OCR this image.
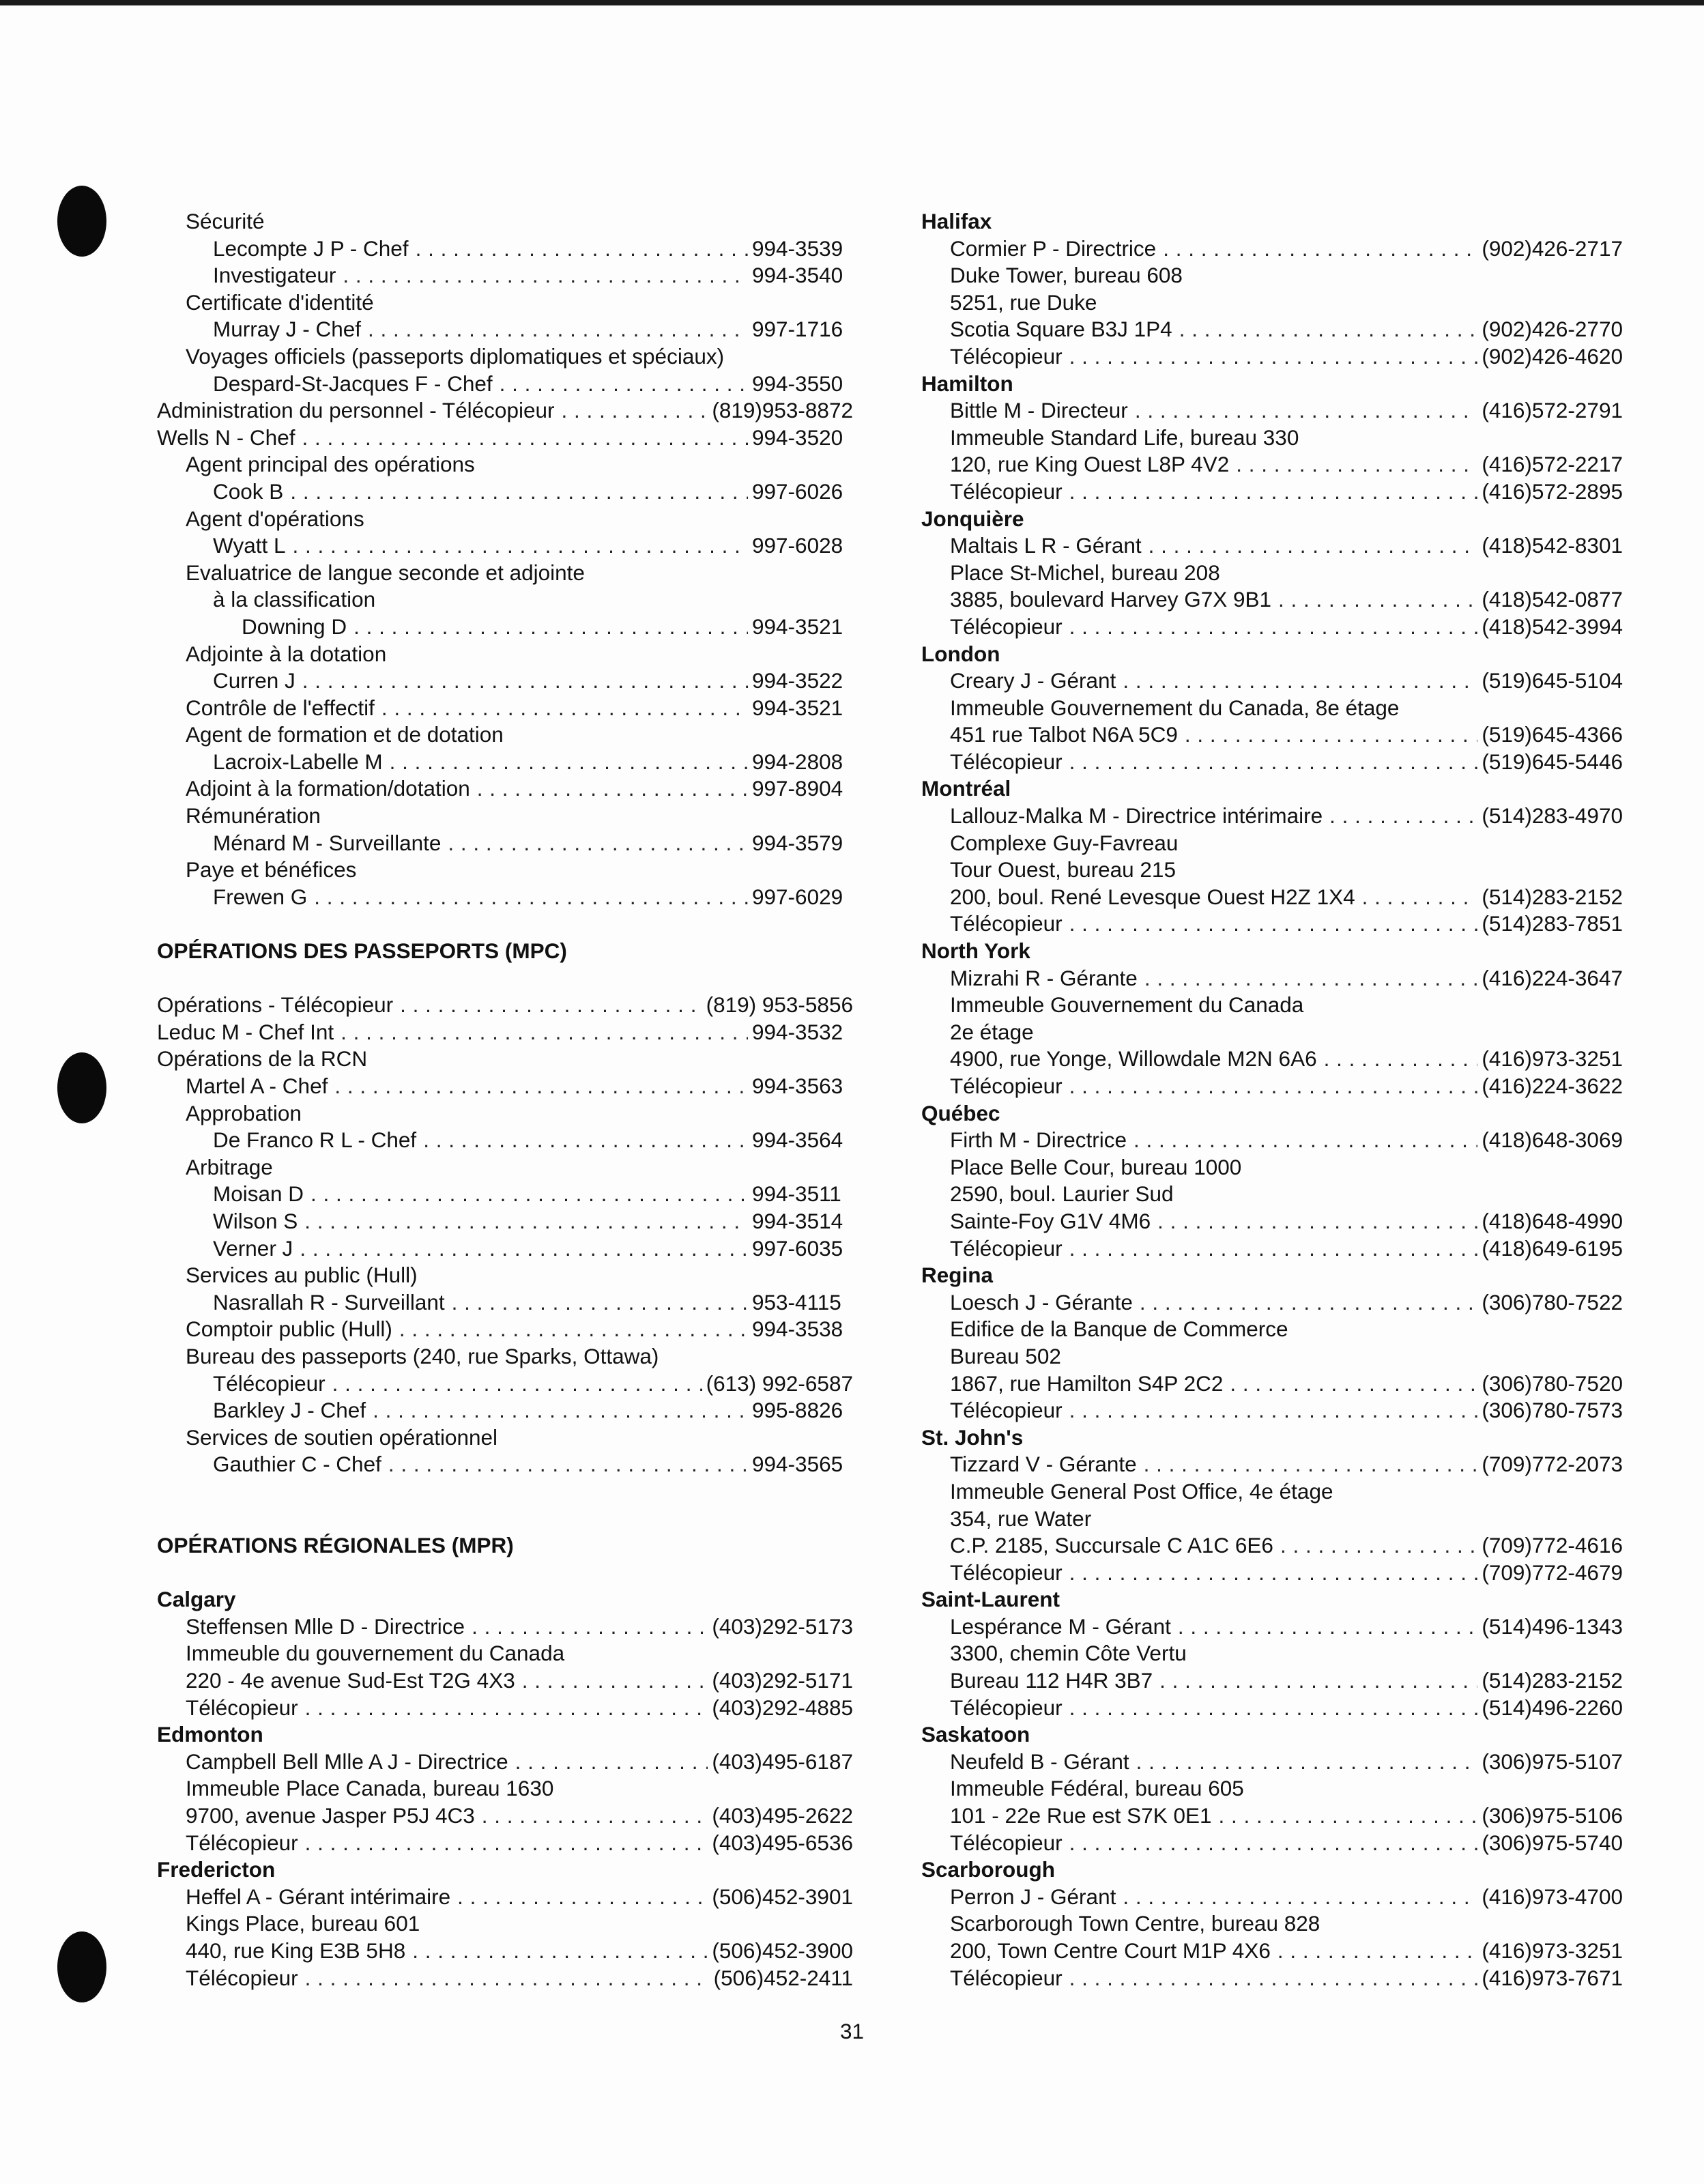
Sécurité
Lecompte J P - Chef . . .	994-3539
Investigateur . . .	994-3540
Certificate d'identité
Murray J - Chef . . .	997-1716
Voyages officiels (passeports diplomatiques et spéciaux)
Despard-St-Jacques F - Chef . . .	994-3550
Administration du personnel - Télécopieur . . .	(819)953-8872
Wells N - Chef . . .	994-3520
Agent principal des opérations
Cook B . . .	997-6026
Agent d'opérations
Wyatt L . . .	997-6028
Evaluatrice de langue seconde et adjointe
à la classification
Downing D . . .	994-3521
Adjointe à la dotation
Curren J . . .	994-3522
Contrôle de l'effectif . . .	994-3521
Agent de formation et de dotation
Lacroix-Labelle M . . .	994-2808
Adjoint à la formation/dotation . . .	997-8904
Rémunération
Ménard M - Surveillante . . .	994-3579
Paye et bénéfices
Frewen G . . .	997-6029
OPÉRATIONS DES PASSEPORTS (MPC)
Opérations - Télécopieur . . .	(819) 953-5856
Leduc M - Chef Int . . .	994-3532
Opérations de la RCN
Martel A - Chef . . .	994-3563
Approbation
De Franco R L - Chef . . .	994-3564
Arbitrage
Moisan D . . .	994-3511
Wilson S . . .	994-3514
Verner J . . .	997-6035
Services au public (Hull)
Nasrallah R - Surveillant . . .	953-4115
Comptoir public (Hull) . . .	994-3538
Bureau des passeports (240, rue Sparks, Ottawa)
Télécopieur . . .	(613) 992-6587
Barkley J - Chef . . .	995-8826
Services de soutien opérationnel
Gauthier C - Chef . . .	994-3565
OPÉRATIONS RÉGIONALES (MPR)
Calgary
Steffensen Mlle D - Directrice . . .	(403)292-5173
Immeuble du gouvernement du Canada
220 - 4e avenue Sud-Est T2G 4X3 . . .	(403)292-5171
Télécopieur . . .	(403)292-4885
Edmonton
Campbell Bell Mlle A J - Directrice . . .	(403)495-6187
Immeuble Place Canada, bureau 1630
9700, avenue Jasper P5J 4C3 . . .	(403)495-2622
Télécopieur . . .	(403)495-6536
Fredericton
Heffel A - Gérant intérimaire . . .	(506)452-3901
Kings Place, bureau 601
440, rue King E3B 5H8 . . .	(506)452-3900
Télécopieur . . .	(506)452-2411
Halifax
Cormier P - Directrice . . .	(902)426-2717
Duke Tower, bureau 608
5251, rue Duke
Scotia Square B3J 1P4 . . .	(902)426-2770
Télécopieur . . .	(902)426-4620
Hamilton
Bittle M - Directeur . . .	(416)572-2791
Immeuble Standard Life, bureau 330
120, rue King Ouest L8P 4V2 . . .	(416)572-2217
Télécopieur . . .	(416)572-2895
Jonquière
Maltais L R - Gérant . . .	(418)542-8301
Place St-Michel, bureau 208
3885, boulevard Harvey G7X 9B1 . . .	(418)542-0877
Télécopieur . . .	(418)542-3994
London
Creary J - Gérant . . .	(519)645-5104
Immeuble Gouvernement du Canada, 8e étage
451 rue Talbot N6A 5C9 . . .	(519)645-4366
Télécopieur . . .	(519)645-5446
Montréal
Lallouz-Malka M - Directrice intérimaire . . .	(514)283-4970
Complexe Guy-Favreau
Tour Ouest, bureau 215
200, boul. René Levesque Ouest H2Z 1X4 . . .	(514)283-2152
Télécopieur . . .	(514)283-7851
North York
Mizrahi R - Gérante . . .	(416)224-3647
Immeuble Gouvernement du Canada
2e étage
4900, rue Yonge, Willowdale M2N 6A6 . . .	(416)973-3251
Télécopieur . . .	(416)224-3622
Québec
Firth M - Directrice . . .	(418)648-3069
Place Belle Cour, bureau 1000
2590, boul. Laurier Sud
Sainte-Foy G1V 4M6 . . .	(418)648-4990
Télécopieur . . .	(418)649-6195
Regina
Loesch J - Gérante . . .	(306)780-7522
Edifice de la Banque de Commerce
Bureau 502
1867, rue Hamilton S4P 2C2 . . .	(306)780-7520
Télécopieur . . .	(306)780-7573
St. John's
Tizzard V - Gérante . . .	(709)772-2073
Immeuble General Post Office, 4e étage
354, rue Water
C.P. 2185, Succursale C A1C 6E6 . . .	(709)772-4616
Télécopieur . . .	(709)772-4679
Saint-Laurent
Lespérance M - Gérant . . .	(514)496-1343
3300, chemin Côte Vertu
Bureau 112 H4R 3B7 . . .	(514)283-2152
Télécopieur . . .	(514)496-2260
Saskatoon
Neufeld B - Gérant . . .	(306)975-5107
Immeuble Fédéral, bureau 605
101 - 22e Rue est S7K 0E1 . . .	(306)975-5106
Télécopieur . . .	(306)975-5740
Scarborough
Perron J - Gérant . . .	(416)973-4700
Scarborough Town Centre, bureau 828
200, Town Centre Court M1P 4X6 . . .	(416)973-3251
Télécopieur . . .	(416)973-7671
31
